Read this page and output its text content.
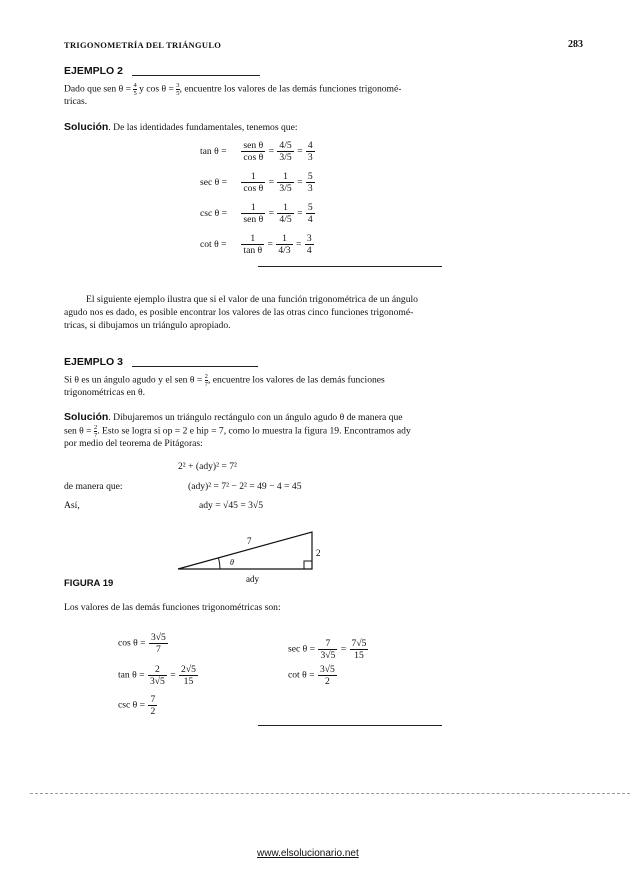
TRIGONOMETRÍA DEL TRIÁNGULO	283
EJEMPLO 2
Dado que sen $\theta = \frac{4}{5}$ y $\cos \theta = \frac{3}{5}$, encuentre los valores de las demás funciones trigonomé-
tricas.
Solución. De las identidades fundamentales, tenemos que:
$\tan \theta = \frac{\text{sen θ}}{\text{cos θ}} = \frac{4/5}{3/5} = \frac{4}{3}$
$\sec \theta = \frac{1}{\text{cos θ}} = \frac{1}{3/5} = \frac{5}{3}$
$\csc \theta = \frac{1}{\text{sen θ}} = \frac{1}{4/5} = \frac{5}{4}$
$\cot \theta = \frac{1}{\text{tan θ}} = \frac{1}{4/3} = \frac{3}{4}$
El siguiente ejemplo ilustra que si el valor de una función trigonométrica de un ángulo
agudo nos es dado, es posible encontrar los valores de las otras cinco funciones trigonomé-
tricas, si dibujamos un triángulo apropiado.
EJEMPLO 3
Si θ es un ángulo agudo y el sen $\theta = \frac{2}{7}$, encuentre los valores de las demás funciones
trigonométricas en θ.
Solución. Dibujaremos un triángulo rectángulo con un ángulo agudo θ de manera que
sen $\theta = \frac{2}{7}$. Esto se logra si op = 2 e hip = 7, como lo muestra la figura 19. Encontramos ady
por medio del teorema de Pitágoras:
2² + (ady)² = 7²
de manera que:	(ady)² = 7² − 2² = 49 − 4 = 45
Así,	ady = √45 = 3√5
θ
7
2
ady
FIGURA 19
Los valores de las demás funciones trigonométricas son:
$\cos \theta = \frac{3√5}{7}$
$\tan \theta = \frac{2}{3√5} = \frac{2√5}{15}$
$\csc \theta = \frac{7}{2}$
$\sec \theta = \frac{7}{3√5} = \frac{7√5}{15}$
$\cot \theta = \frac{3√5}{2}$
www.elsolucionario.net
